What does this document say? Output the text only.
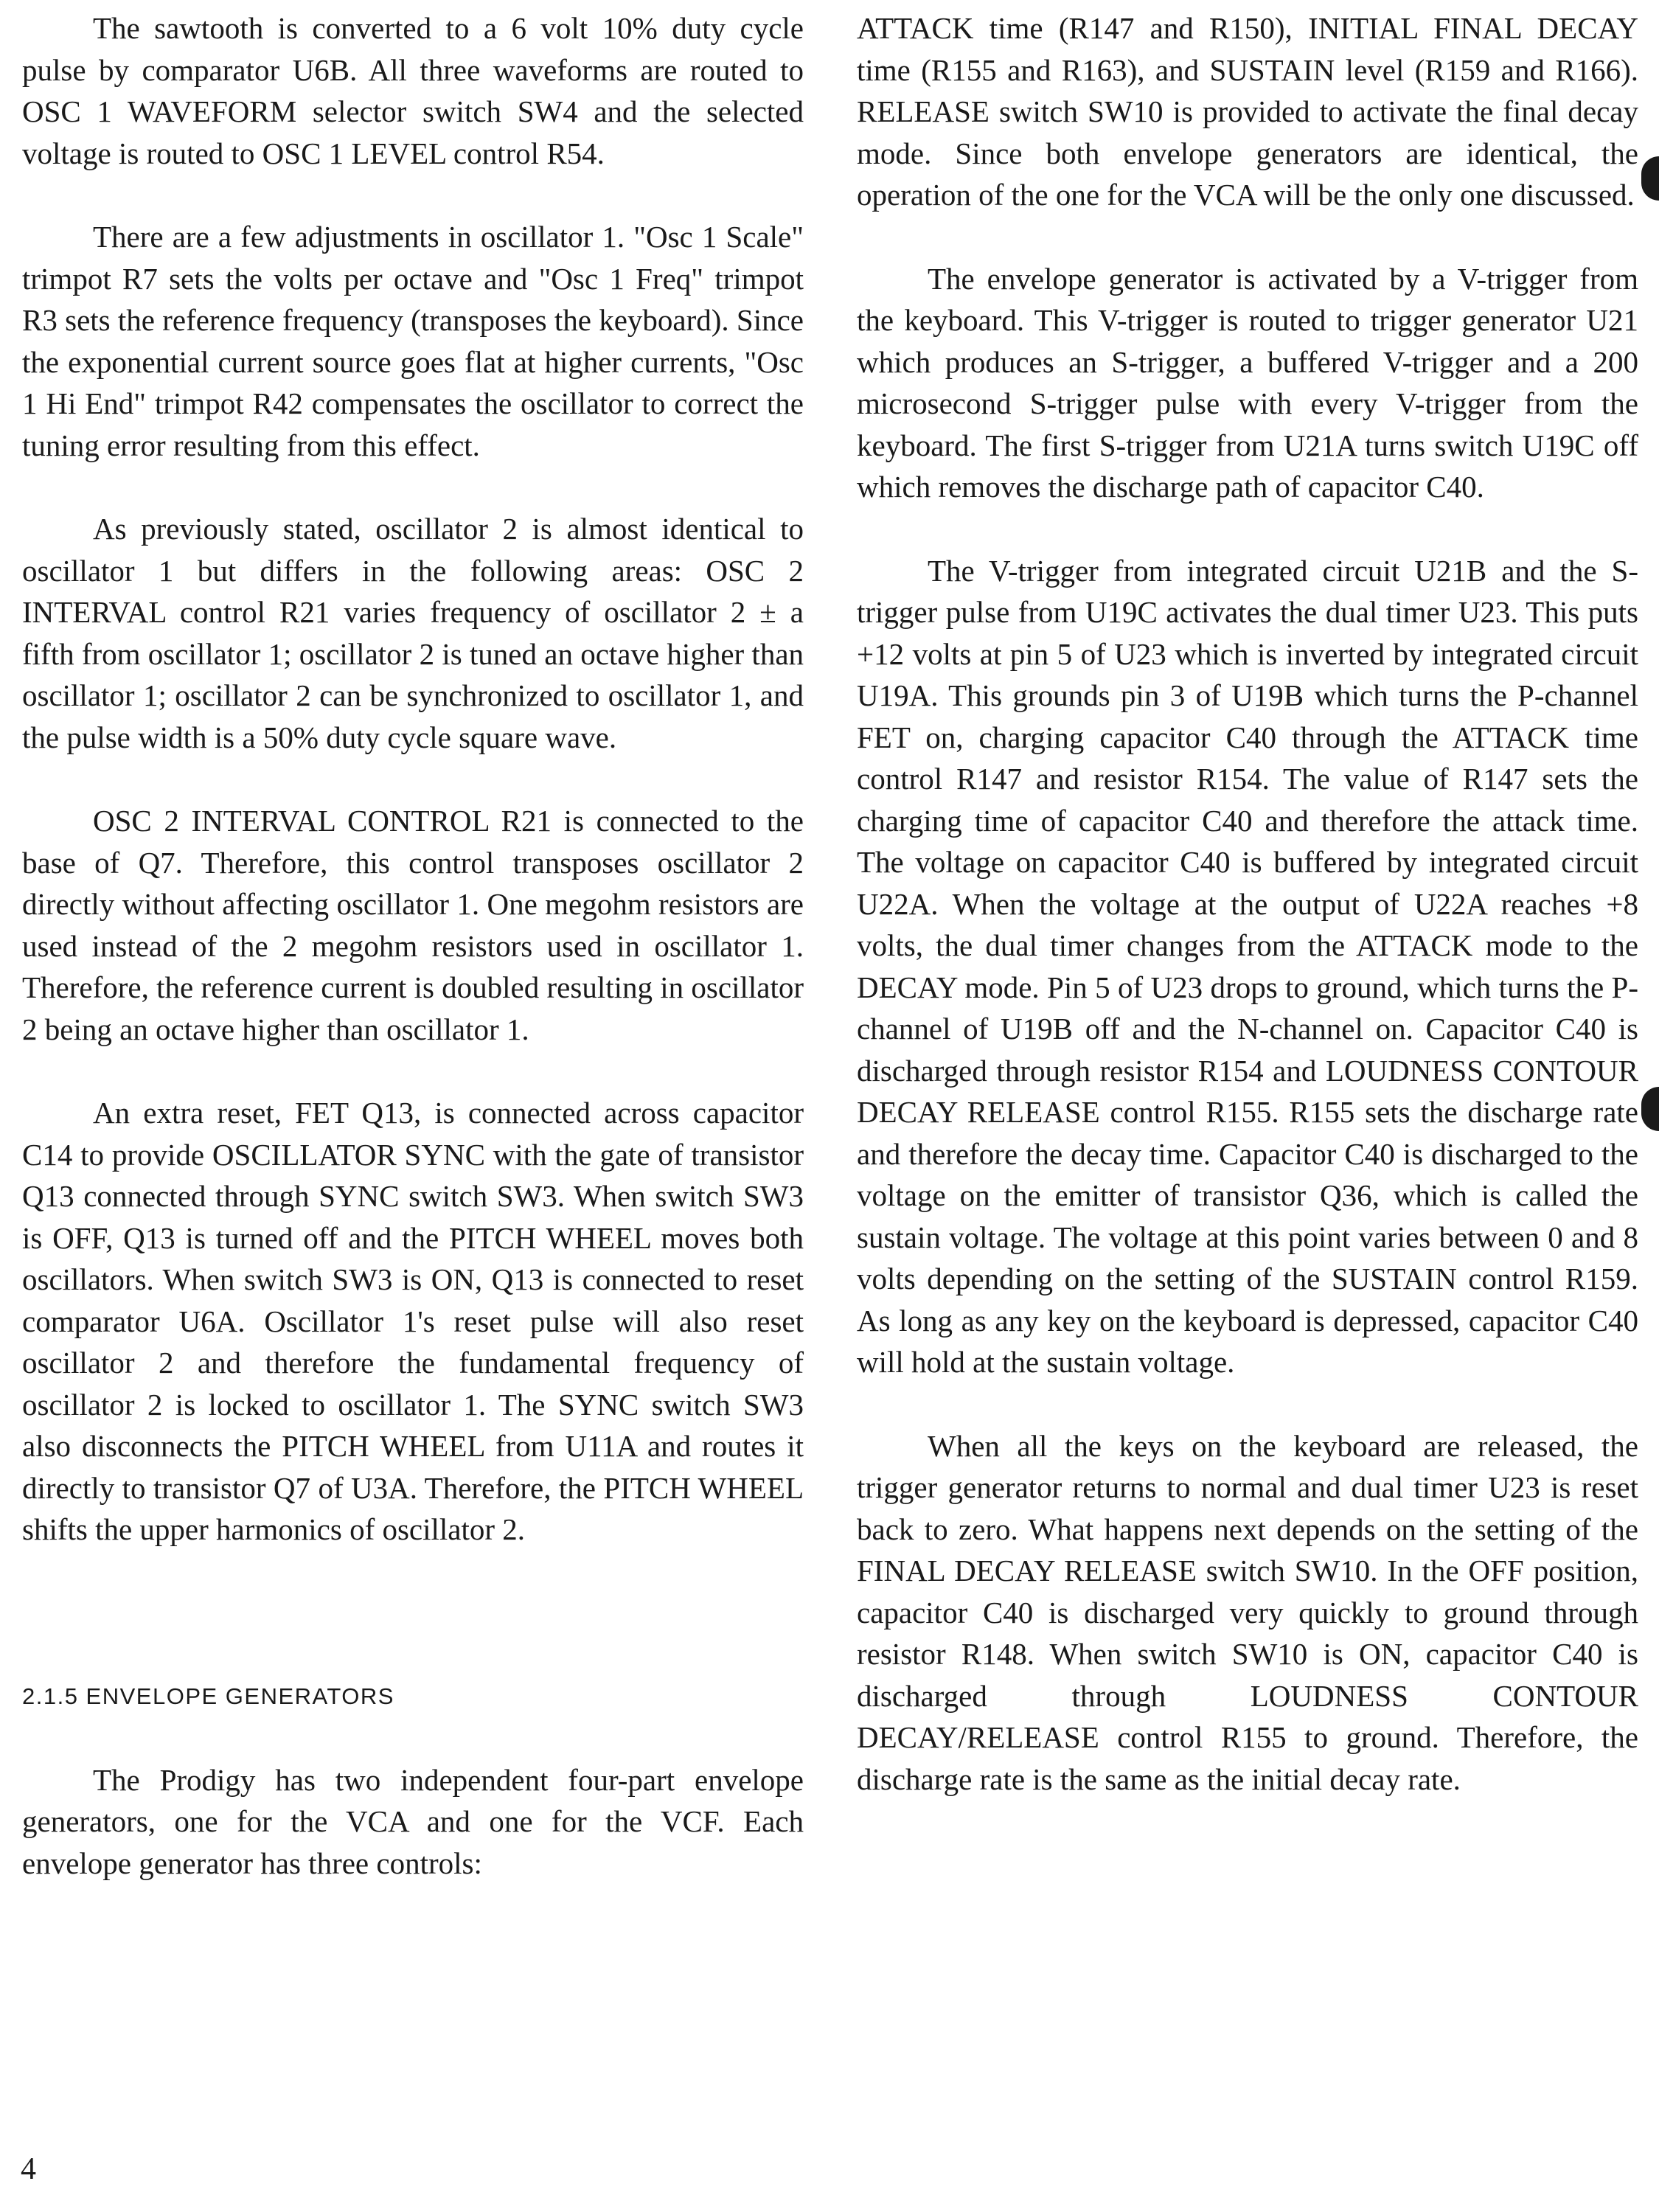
The sawtooth is converted to a 6 volt 10% duty cycle pulse by comparator U6B. All three waveforms are routed to OSC 1 WAVEFORM selector switch SW4 and the selected voltage is routed to OSC 1 LEVEL control R54.

There are a few adjustments in oscillator 1. "Osc 1 Scale" trimpot R7 sets the volts per octave and "Osc 1 Freq" trimpot R3 sets the reference frequency (transposes the keyboard). Since the exponential current source goes flat at higher currents, "Osc 1 Hi End" trimpot R42 compensates the oscillator to correct the tuning error resulting from this effect.

As previously stated, oscillator 2 is almost identical to oscillator 1 but differs in the following areas: OSC 2 INTERVAL control R21 varies frequency of oscillator 2 ± a fifth from oscillator 1; oscillator 2 is tuned an octave higher than oscillator 1; oscillator 2 can be synchronized to oscillator 1, and the pulse width is a 50% duty cycle square wave.

OSC 2 INTERVAL CONTROL R21 is connected to the base of Q7. Therefore, this control transposes oscillator 2 directly without affecting oscillator 1. One megohm resistors are used instead of the 2 megohm resistors used in oscillator 1. Therefore, the reference current is doubled resulting in oscillator 2 being an octave higher than oscillator 1.

An extra reset, FET Q13, is connected across capacitor C14 to provide OSCILLATOR SYNC with the gate of transistor Q13 connected through SYNC switch SW3. When switch SW3 is OFF, Q13 is turned off and the PITCH WHEEL moves both oscillators. When switch SW3 is ON, Q13 is connected to reset comparator U6A. Oscillator 1's reset pulse will also reset oscillator 2 and therefore the fundamental frequency of oscillator 2 is locked to oscillator 1. The SYNC switch SW3 also disconnects the PITCH WHEEL from U11A and routes it directly to transistor Q7 of U3A. Therefore, the PITCH WHEEL shifts the upper harmonics of oscillator 2.

2.1.5 ENVELOPE GENERATORS

The Prodigy has two independent four-part envelope generators, one for the VCA and one for the VCF. Each envelope generator has three controls:

ATTACK time (R147 and R150), INITIAL FINAL DECAY time (R155 and R163), and SUSTAIN level (R159 and R166). RELEASE switch SW10 is provided to activate the final decay mode. Since both envelope generators are identical, the operation of the one for the VCA will be the only one discussed.

The envelope generator is activated by a V-trigger from the keyboard. This V-trigger is routed to trigger generator U21 which produces an S-trigger, a buffered V-trigger and a 200 microsecond S-trigger pulse with every V-trigger from the keyboard. The first S-trigger from U21A turns switch U19C off which removes the discharge path of capacitor C40.

The V-trigger from integrated circuit U21B and the S-trigger pulse from U19C activates the dual timer U23. This puts +12 volts at pin 5 of U23 which is inverted by integrated circuit U19A. This grounds pin 3 of U19B which turns the P-channel FET on, charging capacitor C40 through the ATTACK time control R147 and resistor R154. The value of R147 sets the charging time of capacitor C40 and therefore the attack time. The voltage on capacitor C40 is buffered by integrated circuit U22A. When the voltage at the output of U22A reaches +8 volts, the dual timer changes from the ATTACK mode to the DECAY mode. Pin 5 of U23 drops to ground, which turns the P-channel of U19B off and the N-channel on. Capacitor C40 is discharged through resistor R154 and LOUDNESS CONTOUR DECAY RELEASE control R155. R155 sets the discharge rate and therefore the decay time. Capacitor C40 is discharged to the voltage on the emitter of transistor Q36, which is called the sustain voltage. The voltage at this point varies between 0 and 8 volts depending on the setting of the SUSTAIN control R159. As long as any key on the keyboard is depressed, capacitor C40 will hold at the sustain voltage.

When all the keys on the keyboard are released, the trigger generator returns to normal and dual timer U23 is reset back to zero. What happens next depends on the setting of the FINAL DECAY RELEASE switch SW10. In the OFF position, capacitor C40 is discharged very quickly to ground through resistor R148. When switch SW10 is ON, capacitor C40 is discharged through LOUDNESS CONTOUR DECAY/RELEASE control R155 to ground. Therefore, the discharge rate is the same as the initial decay rate.

4
